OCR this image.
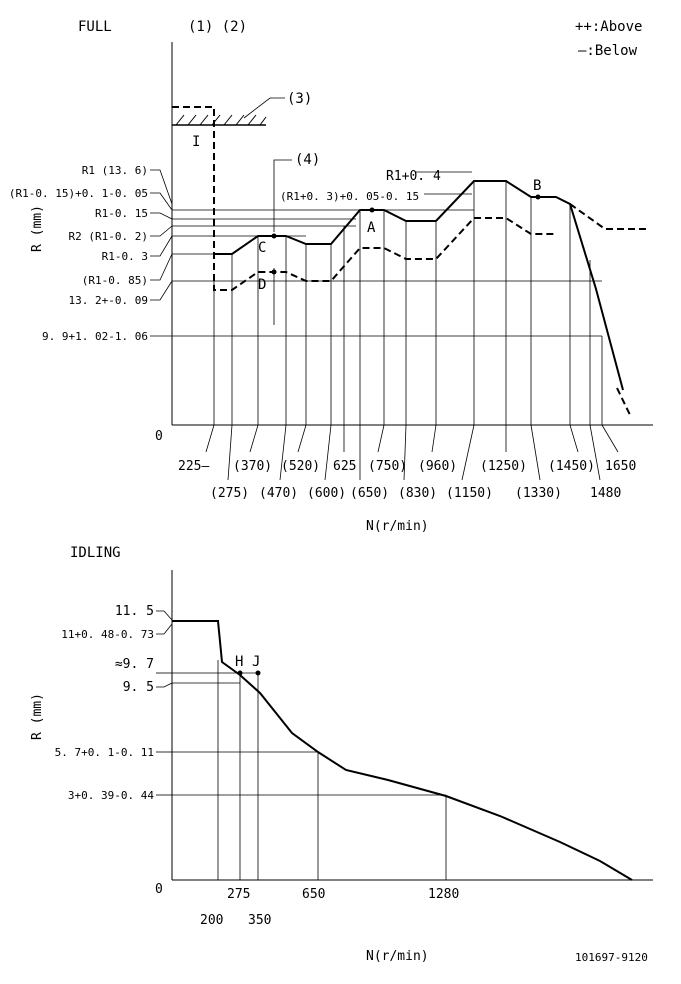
FULL	(1) (2)	++:Above
—:Below
0
R (mm)
(3)
I
(4)
A
B
C
D
R1+0. 4
(R1+0. 3)+0. 05-0. 15
R1 (13. 6)
(R1-0. 15)+0. 1-0. 05
R1-0. 15
R2 (R1-0. 2)
R1-0. 3
(R1-0. 85)
13. 2+-0. 09
9. 9+1. 02-1. 06
225— (370) (520) 625 (750) (960) (1250) (1450) 1650
(275) (470) (600) (650) (830) (1150) (1330) 1480
N(r/min)
IDLING
0
R (mm)
H J
11. 5
11+0. 48-0. 73
≈9. 7
9. 5
5. 7+0. 1-0. 11
3+0. 39-0. 44
275	650	1280
200 350
N(r/min)	101697-9120
